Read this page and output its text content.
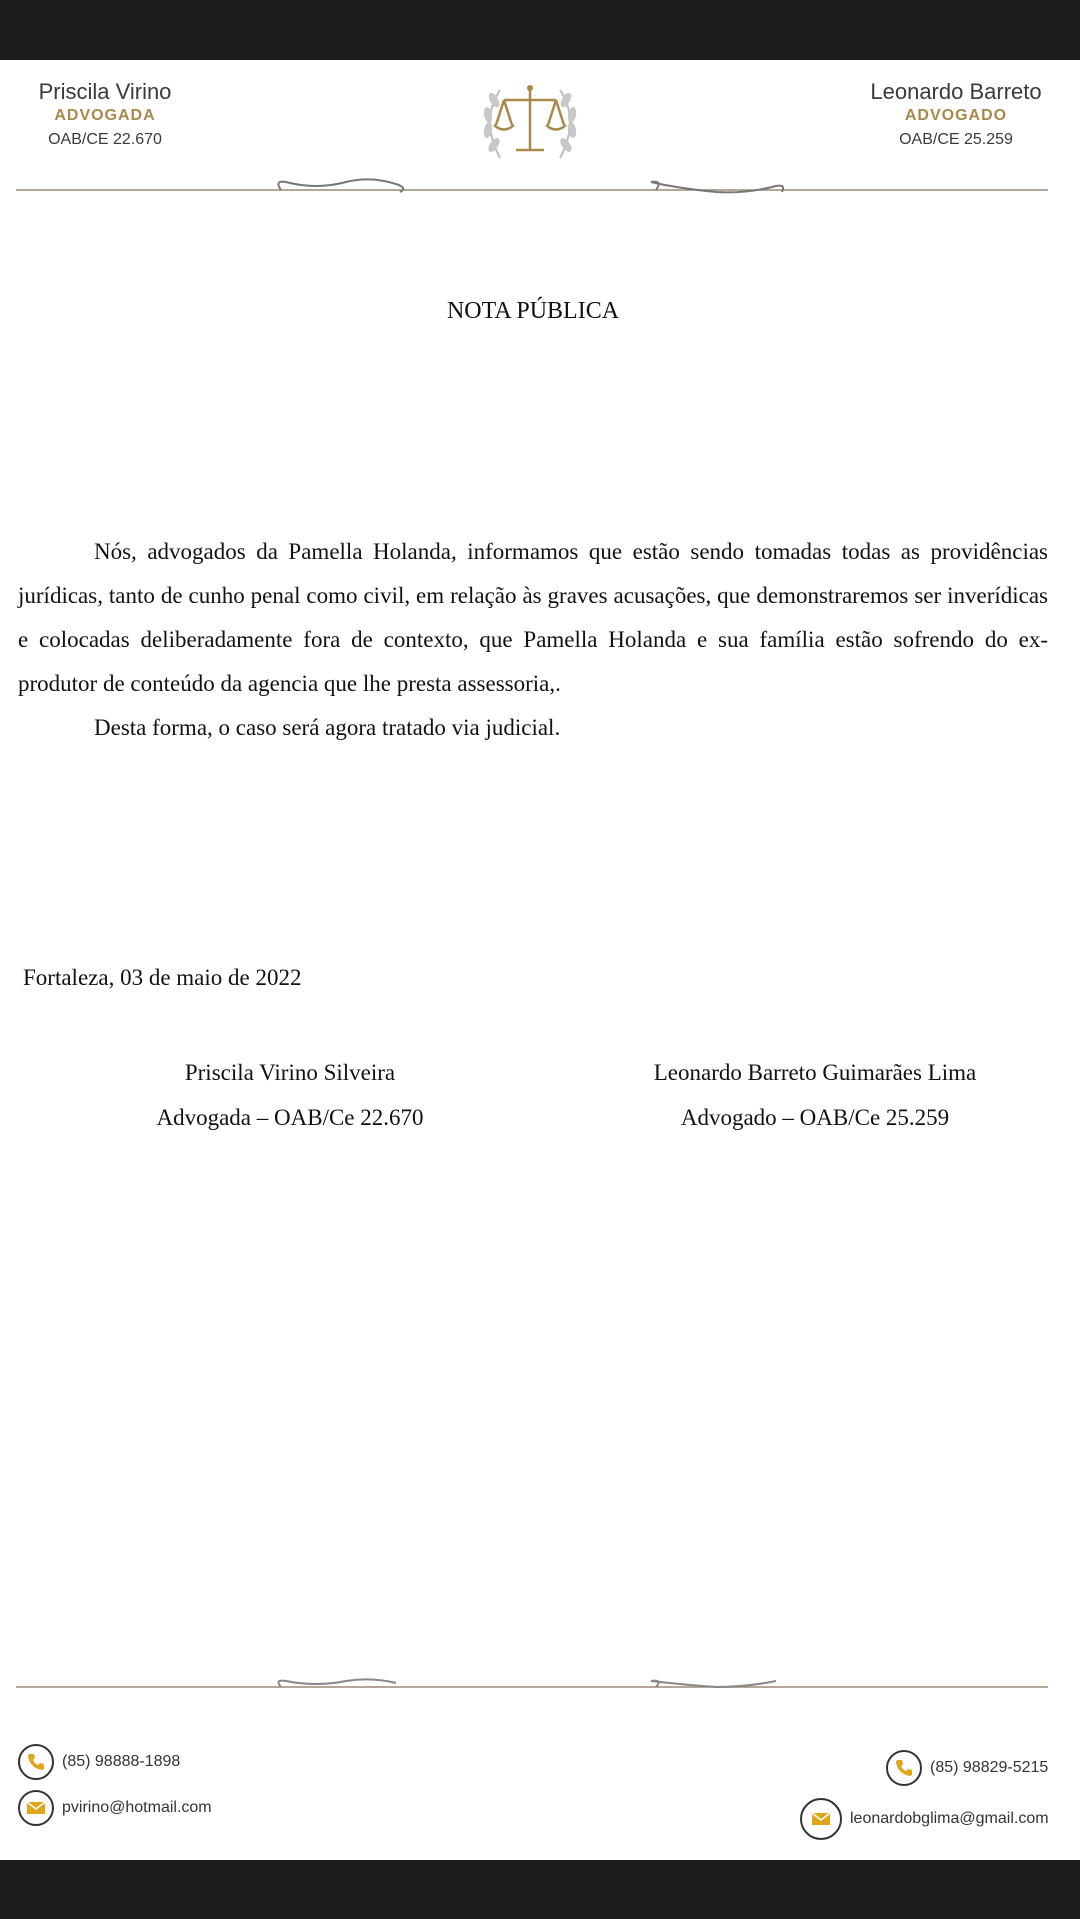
Priscila Virino
ADVOGADA
OAB/CE 22.670
Leonardo Barreto
ADVOGADO
OAB/CE 25.259
NOTA PÚBLICA

Nós, advogados da Pamella Holanda, informamos que estão sendo tomadas todas as providências jurídicas, tanto de cunho penal como civil, em relação às graves acusações, que demonstraremos ser inverídicas e colocadas deliberadamente fora de contexto, que Pamella Holanda e sua família estão sofrendo do ex-produtor de conteúdo da agencia que lhe presta assessoria,.

Desta forma, o caso será agora tratado via judicial.

Fortaleza, 03 de maio de 2022
Priscila Virino Silveira
Advogada – OAB/Ce 22.670
Leonardo Barreto Guimarães Lima
Advogado – OAB/Ce 25.259
(85) 98888-1898
pvirino@hotmail.com
(85) 98829-5215
leonardobglima@gmail.com
